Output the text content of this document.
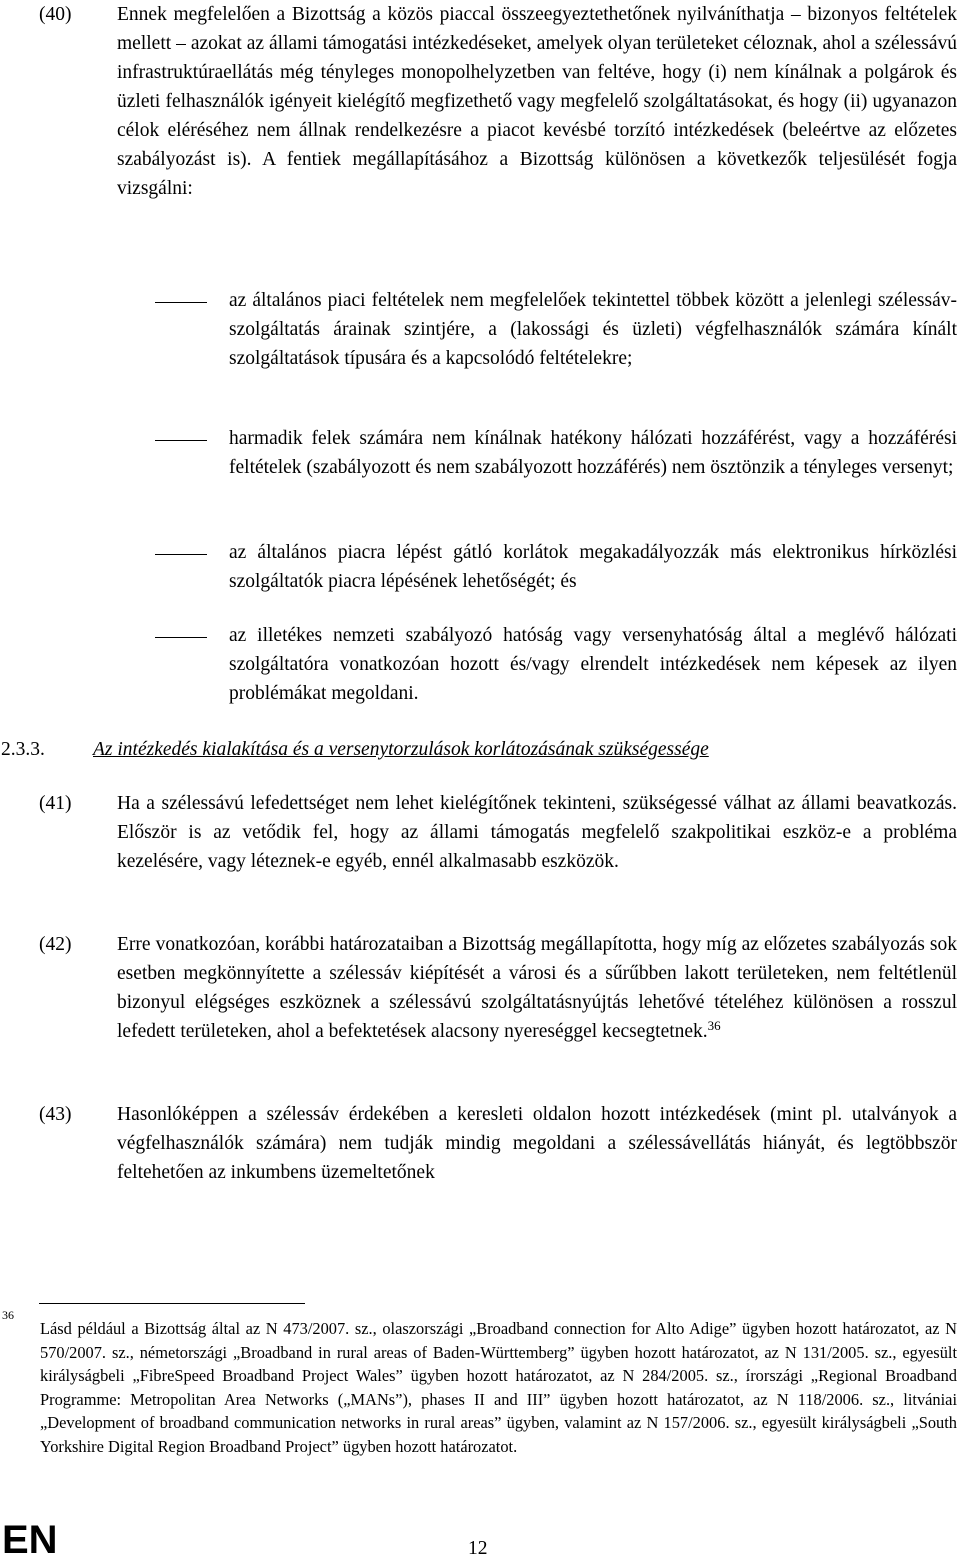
(40) Ennek megfelelően a Bizottság a közös piaccal összeegyeztethetőnek nyilváníthatja – bizonyos feltételek mellett – azokat az állami támogatási intézkedéseket, amelyek olyan területeket céloznak, ahol a szélessávú infrastruktúraellátás még tényleges monopolhelyzetben van feltéve, hogy (i) nem kínálnak a polgárok és üzleti felhasználók igényeit kielégítő megfizethető vagy megfelelő szolgáltatásokat, és hogy (ii) ugyanazon célok eléréséhez nem állnak rendelkezésre a piacot kevésbé torzító intézkedések (beleértve az előzetes szabályozást is). A fentiek megállapításához a Bizottság különösen a következők teljesülését fogja vizsgálni:
az általános piaci feltételek nem megfelelőek tekintettel többek között a jelenlegi szélessáv-szolgáltatás árainak szintjére, a (lakossági és üzleti) végfelhasználók számára kínált szolgáltatások típusára és a kapcsolódó feltételekre;
harmadik felek számára nem kínálnak hatékony hálózati hozzáférést, vagy a hozzáférési feltételek (szabályozott és nem szabályozott hozzáférés) nem ösztönzik a tényleges versenyt;
az általános piacra lépést gátló korlátok megakadályozzák más elektronikus hírközlési szolgáltatók piacra lépésének lehetőségét; és
az illetékes nemzeti szabályozó hatóság vagy versenyhatóság által a meglévő hálózati szolgáltatóra vonatkozóan hozott és/vagy elrendelt intézkedések nem képesek az ilyen problémákat megoldani.
2.3.3. Az intézkedés kialakítása és a versenytorzulások korlátozásának szükségessége
(41) Ha a szélessávú lefedettséget nem lehet kielégítőnek tekinteni, szükségessé válhat az állami beavatkozás. Először is az vetődik fel, hogy az állami támogatás megfelelő szakpolitikai eszköz-e a probléma kezelésére, vagy léteznek-e egyéb, ennél alkalmasabb eszközök.
(42) Erre vonatkozóan, korábbi határozataiban a Bizottság megállapította, hogy míg az előzetes szabályozás sok esetben megkönnyítette a szélessáv kiépítését a városi és a sűrűbben lakott területeken, nem feltétlenül bizonyul elégséges eszköznek a szélessávú szolgáltatásnyújtás lehetővé tételéhez különösen a rosszul lefedett területeken, ahol a befektetések alacsony nyereséggel kecsegtetnek.$^{36}$
(43) Hasonlóképpen a szélessáv érdekében a keresleti oldalon hozott intézkedések (mint pl. utalványok a végfelhasználók számára) nem tudják mindig megoldani a szélessávellátás hiányát, és legtöbbször feltehetően az inkumbens üzemeltetőnek
36
Lásd például a Bizottság által az N 473/2007. sz., olaszországi „Broadband connection for Alto Adige” ügyben hozott határozatot, az N 570/2007. sz., németországi „Broadband in rural areas of Baden-Württemberg” ügyben hozott határozatot, az N 131/2005. sz., egyesült királyságbeli „FibreSpeed Broadband Project Wales” ügyben hozott határozatot, az N 284/2005. sz., írországi „Regional Broadband Programme: Metropolitan Area Networks („MANs”), phases II and III” ügyben hozott határozatot, az N 118/2006. sz., litvániai „Development of broadband communication networks in rural areas” ügyben, valamint az N 157/2006. sz., egyesült királyságbeli „South Yorkshire Digital Region Broadband Project” ügyben hozott határozatot.
EN	12
